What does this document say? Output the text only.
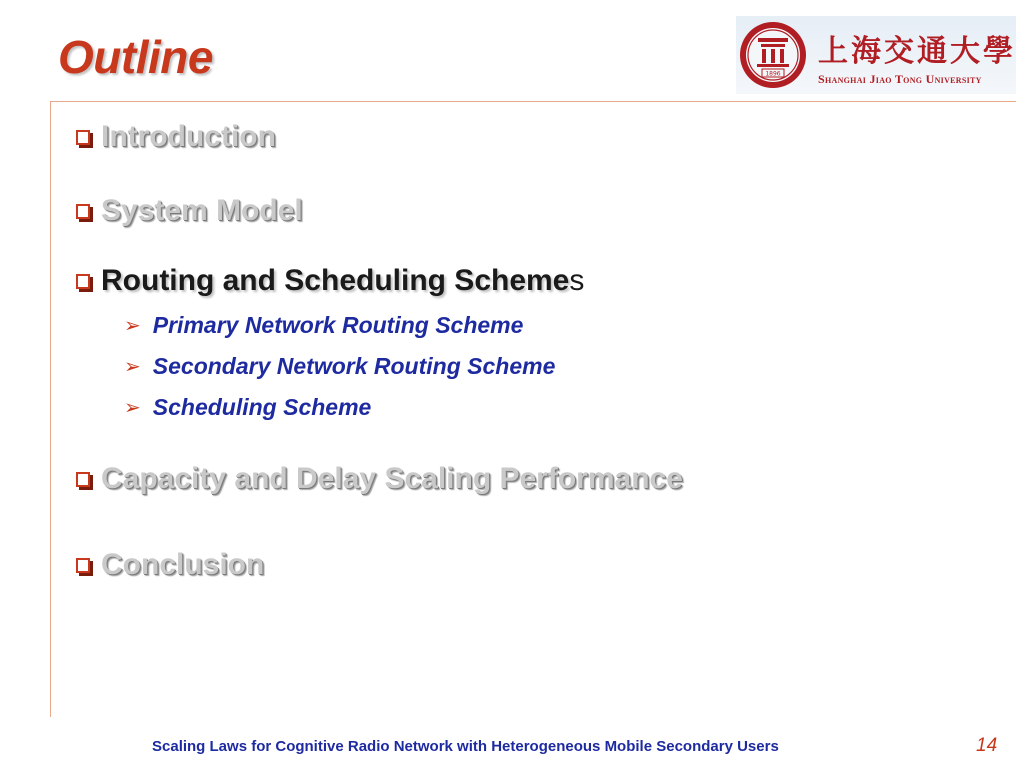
Outline	1896
上海交通大學
Shanghai Jiao Tong University
Introduction
System Model
Routing and Scheduling Schemes
➢ Primary Network Routing Scheme
➢ Secondary Network Routing Scheme
➢ Scheduling Scheme
Capacity and Delay Scaling Performance
Conclusion
Scaling Laws for Cognitive Radio Network with Heterogeneous Mobile Secondary Users	14
